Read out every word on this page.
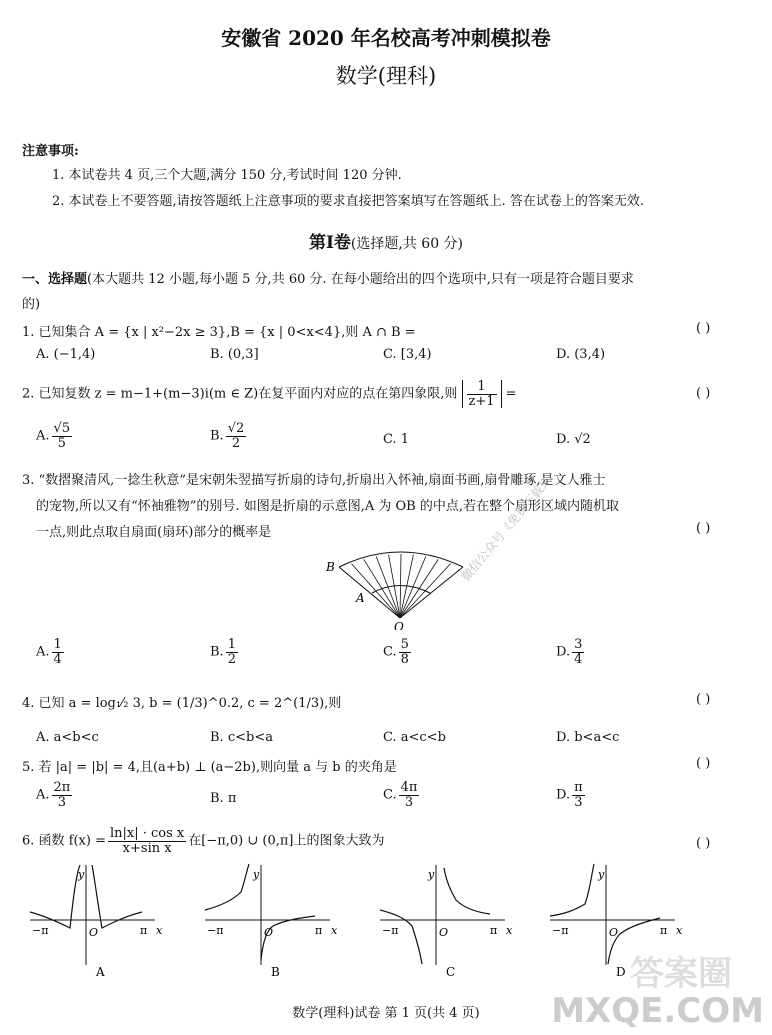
安徽省 2020 年名校高考冲刺模拟卷
数学(理科)
注意事项:
1. 本试卷共 4 页,三个大题,满分 150 分,考试时间 120 分钟.
2. 本试卷上不要答题,请按答题纸上注意事项的要求直接把答案填写在答题纸上. 答在试卷上的答案无效.
第Ⅰ卷(选择题,共 60 分)
一、选择题(本大题共 12 小题,每小题 5 分,共 60 分. 在每小题给出的四个选项中,只有一项是符合题目要求
的)
1. 已知集合 A = {x | x²−2x ≥ 3},B = {x | 0<x<4},则 A ∩ B =	( )
A. (−1,4)	B. (0,3]	C. [3,4)	D. (3,4)
2. 已知复数 z = m−1+(m−3)i(m ∈ Z)在复平面内对应的点在第四象限,则 $\frac{1}{z+1}$ =	( )
A. $\frac{√5}{5}$	B. $\frac{√2}{2}$	C. 1	D. √2
3. “数摺聚清风,一捻生秋意”是宋朝朱翌描写折扇的诗句,折扇出入怀袖,扇面书画,扇骨雕琢,是文人雅士
的宠物,所以又有“怀袖雅物”的别号. 如图是折扇的示意图,A 为 OB 的中点,若在整个扇形区域内随机取
一点,则此点取自扇面(扇环)部分的概率是	( )
B
A
O
A. $\frac{1}{4}$	B. $\frac{1}{2}$	C. $\frac{5}{8}$	D. $\frac{3}{4}$
微信公众号《免费下载》
4. 已知 a = log₁⁄₂ 3, b = (1/3)^0.2, c = 2^(1/3),则	( )
A. a<b<c	B. c<b<a	C. a<c<b	D. b<a<c
5. 若 |a| = |b| = 4,且(a+b) ⊥ (a−2b),则向量 a 与 b 的夹角是	( )
A. $\frac{2\pi}{3}$	B. π	C. $\frac{4\pi}{3}$	D. $\frac{\pi}{3}$
6. 函数 $f(x) = \frac{\text{ln|x| · cos x}}{\text{x+sin x}}$ 在[−π,0) ∪ (0,π]上的图象大致为	( )
−π	π x
y
O
A
−π	π x
y
O
B
−π	π x
y
O
C
−π	π x
y
O
D
数学(理科)试卷 第 1 页(共 4 页)
答案圈
MXQE.COM
